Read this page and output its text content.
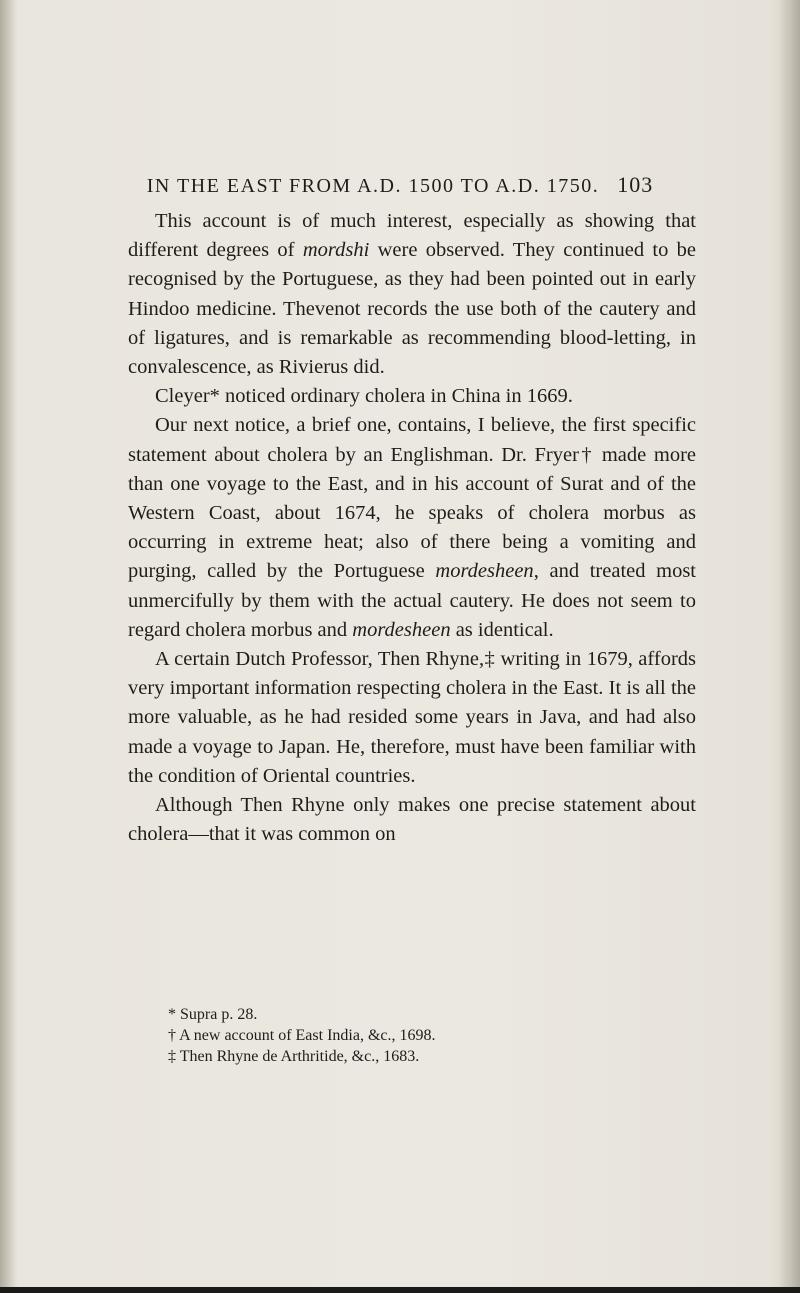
IN THE EAST FROM A.D. 1500 TO A.D. 1750. 103

This account is of much interest, especially as showing that different degrees of mordshi were observed. They continued to be recognised by the Portuguese, as they had been pointed out in early Hindoo medicine. Thevenot records the use both of the cautery and of ligatures, and is remarkable as recommending blood-letting, in convalescence, as Rivierus did.

Cleyer* noticed ordinary cholera in China in 1669.

Our next notice, a brief one, contains, I believe, the first specific statement about cholera by an Englishman. Dr. Fryer† made more than one voyage to the East, and in his account of Surat and of the Western Coast, about 1674, he speaks of cholera morbus as occurring in extreme heat; also of there being a vomiting and purging, called by the Portuguese mordesheen, and treated most unmercifully by them with the actual cautery. He does not seem to regard cholera morbus and mordesheen as identical.

A certain Dutch Professor, Then Rhyne,‡ writing in 1679, affords very important information respecting cholera in the East. It is all the more valuable, as he had resided some years in Java, and had also made a voyage to Japan. He, therefore, must have been familiar with the condition of Oriental countries.

Although Then Rhyne only makes one precise statement about cholera—that it was common on

* Supra p. 28.

† A new account of East India, &c., 1698.

‡ Then Rhyne de Arthritide, &c., 1683.
